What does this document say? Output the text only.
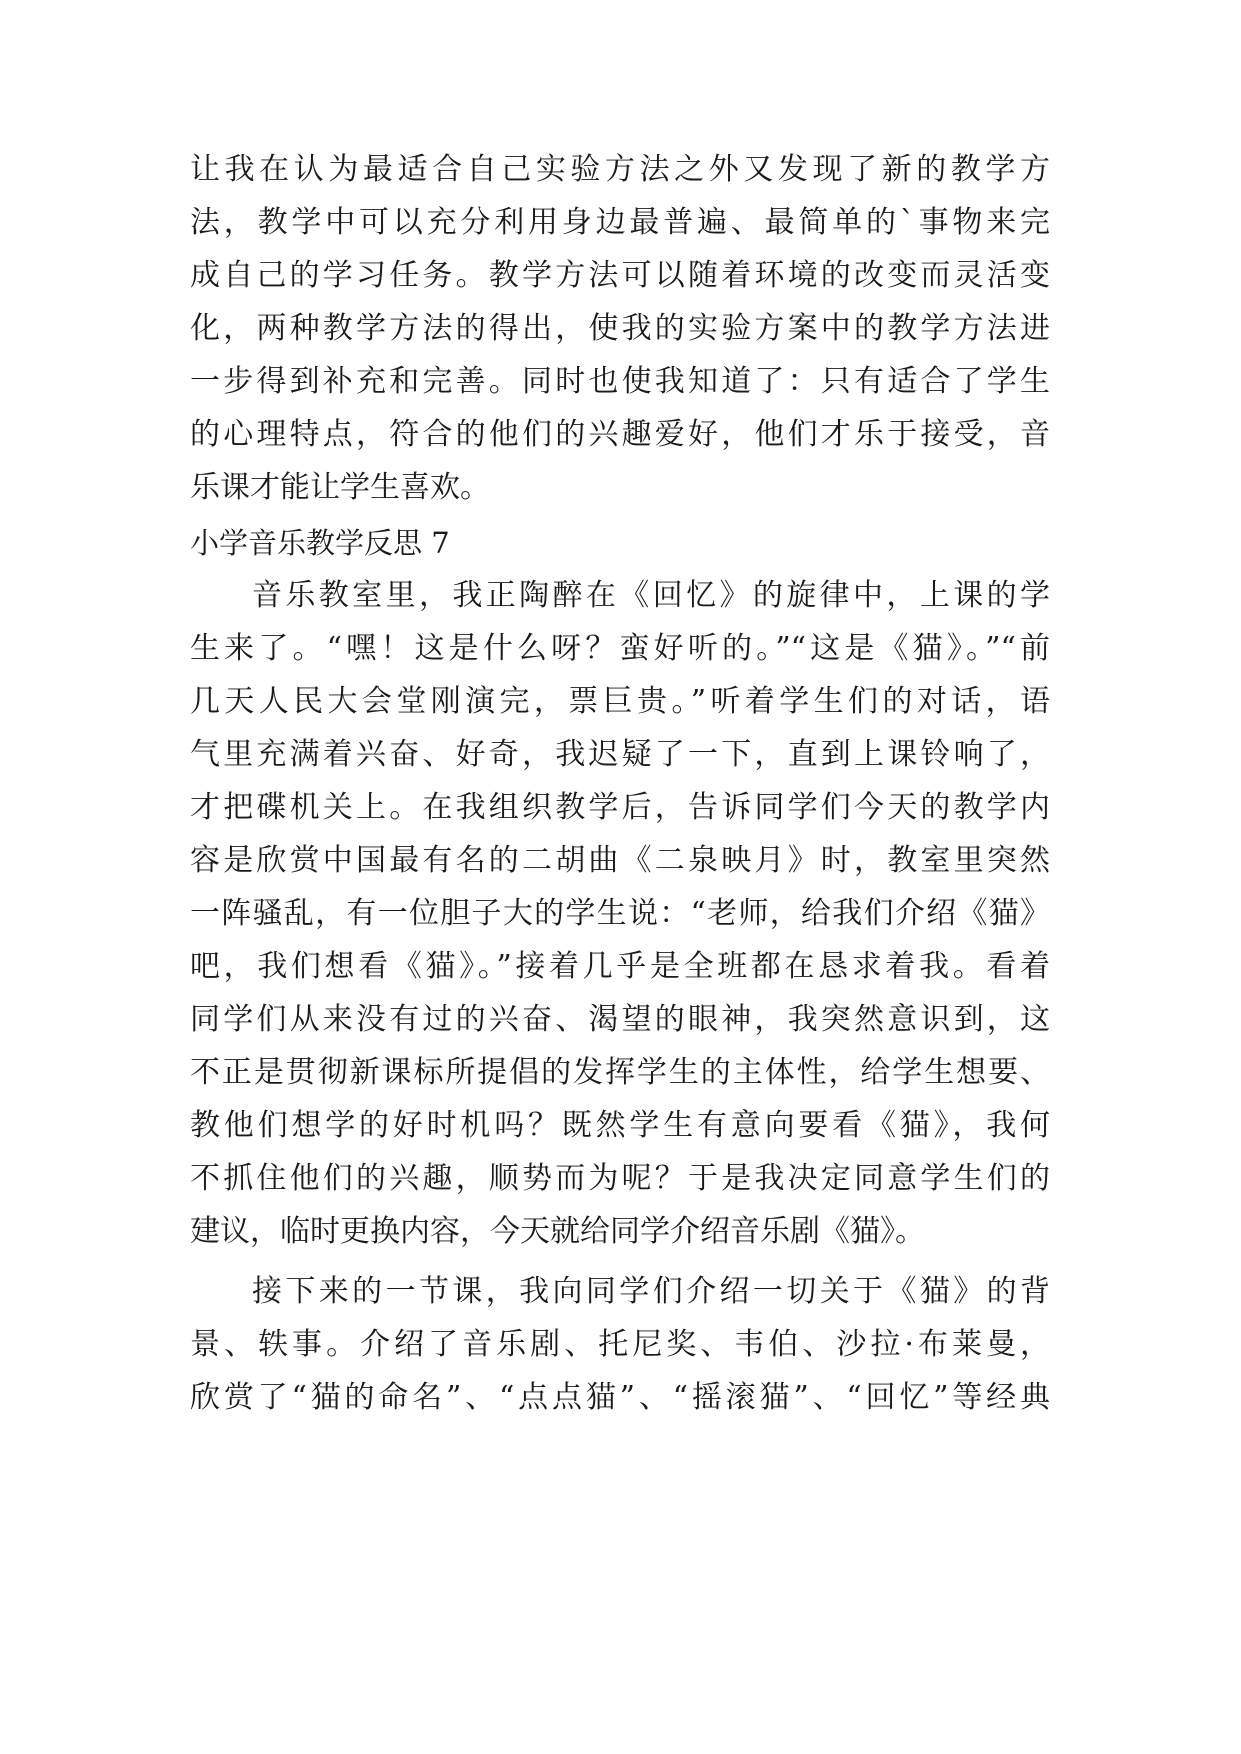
让我在认为最适合自己实验方法之外又发现了新的教学方
法，教学中可以充分利用身边最普遍、最简单的`事物来完
成自己的学习任务。教学方法可以随着环境的改变而灵活变
化，两种教学方法的得出，使我的实验方案中的教学方法进
一步得到补充和完善。同时也使我知道了：只有适合了学生
的心理特点，符合的他们的兴趣爱好，他们才乐于接受，音
乐课才能让学生喜欢。
小学音乐教学反思 7
音乐教室里，我正陶醉在《回忆》的旋律中，上课的学
生来了。“嘿！这是什么呀？蛮好听的。”“这是《猫》。”“前
几天人民大会堂刚演完，票巨贵。”听着学生们的对话，语
气里充满着兴奋、好奇，我迟疑了一下，直到上课铃响了，
才把碟机关上。在我组织教学后，告诉同学们今天的教学内
容是欣赏中国最有名的二胡曲《二泉映月》时，教室里突然
一阵骚乱，有一位胆子大的学生说：“老师，给我们介绍《猫》
吧，我们想看《猫》。”接着几乎是全班都在恳求着我。看着
同学们从来没有过的兴奋、渴望的眼神，我突然意识到，这
不正是贯彻新课标所提倡的发挥学生的主体性，给学生想要、
教他们想学的好时机吗？既然学生有意向要看《猫》，我何
不抓住他们的兴趣，顺势而为呢？于是我决定同意学生们的
建议，临时更换内容，今天就给同学介绍音乐剧《猫》。
接下来的一节课，我向同学们介绍一切关于《猫》的背
景、轶事。介绍了音乐剧、托尼奖、韦伯、沙拉·布莱曼，
欣赏了“猫的命名”、“点点猫”、“摇滚猫”、“回忆”等经典
